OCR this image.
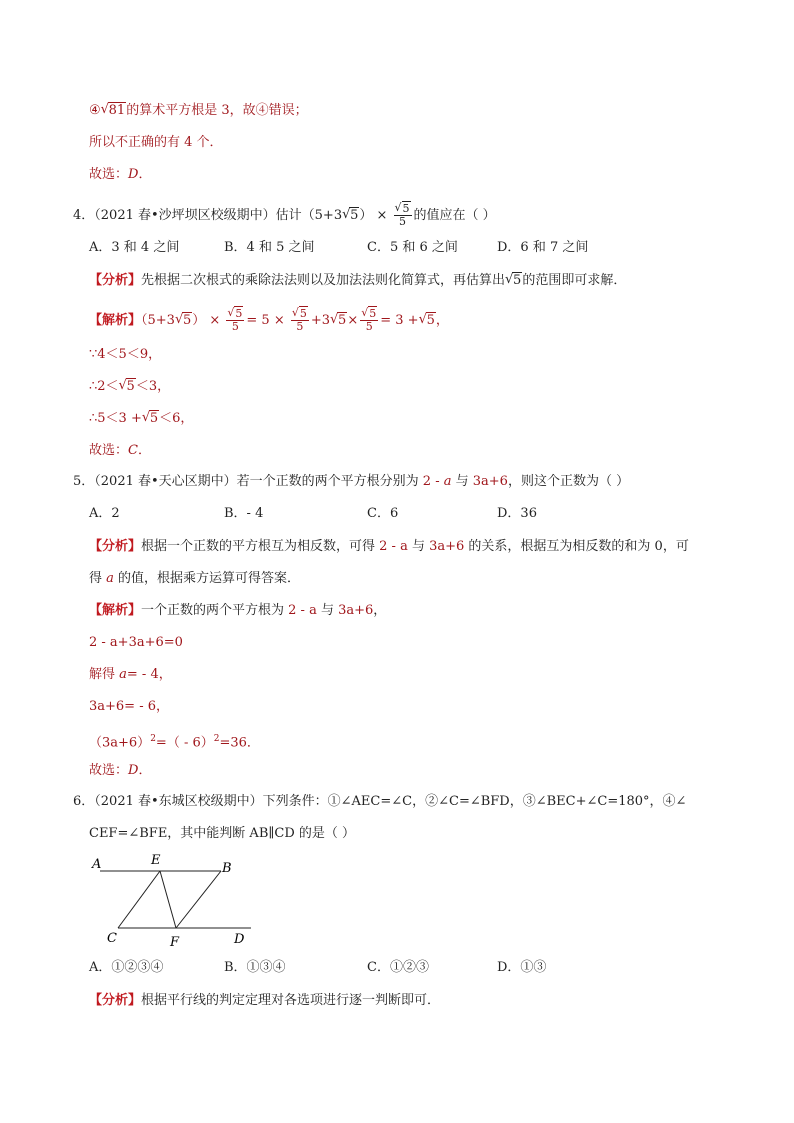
④√ 81的算术平方根是 3，故④错误；
所以不正确的有 4 个．
故选：D．
4．（2021 春•沙坪坝区校级期中）估计（5+3√ 5） ×
√ $\frac{5}{5}$ 的值应在（ ）
A．3 和 4 之间	B．4 和 5 之间	C．5 和 6 之间	D．6 和 7 之间
【分析】先根据二次根式的乘除法法则以及加法法则化简算式，再估算出√ 5的范围即可求解．
【解析】（5+3√ 5） ×
√ $\frac{5}{5} = 5$ ×
√ $\frac{5}{5} +3√$ 5×
√ $\frac{5}{5} = 3$ +√ 5，
∵4＜5＜9，
∴2＜√ 5＜3，
∴5＜3 +√ 5＜6，
故选：C．
5．（2021 春•天心区期中）若一个正数的两个平方根分别为 2 - a 与 3a+6，则这个正数为（ ）
A．2	B．- 4	C．6	D．36
【分析】根据一个正数的平方根互为相反数，可得 2 - a 与 3a+6 的关系，根据互为相反数的和为 0，可
得 a 的值，根据乘方运算可得答案．
【解析】一个正数的两个平方根为 2 - a 与 3a+6，
2 - a+3a+6=0
解得 a= - 4，
3a+6= - 6，
$(3a+6)^2=( - 6)^2=36$．
故选：D．
6．（2021 春•东城区校级期中）下列条件：①∠AEC=∠C，②∠C=∠BFD，③∠BEC+∠C=180°，④∠
CEF=∠BFE，其中能判断 AB∥CD 的是（ ）
A	E
B
C	F	D
A．①②③④	B．①③④	C．①②③	D．①③
【分析】根据平行线的判定定理对各选项进行逐一判断即可．
